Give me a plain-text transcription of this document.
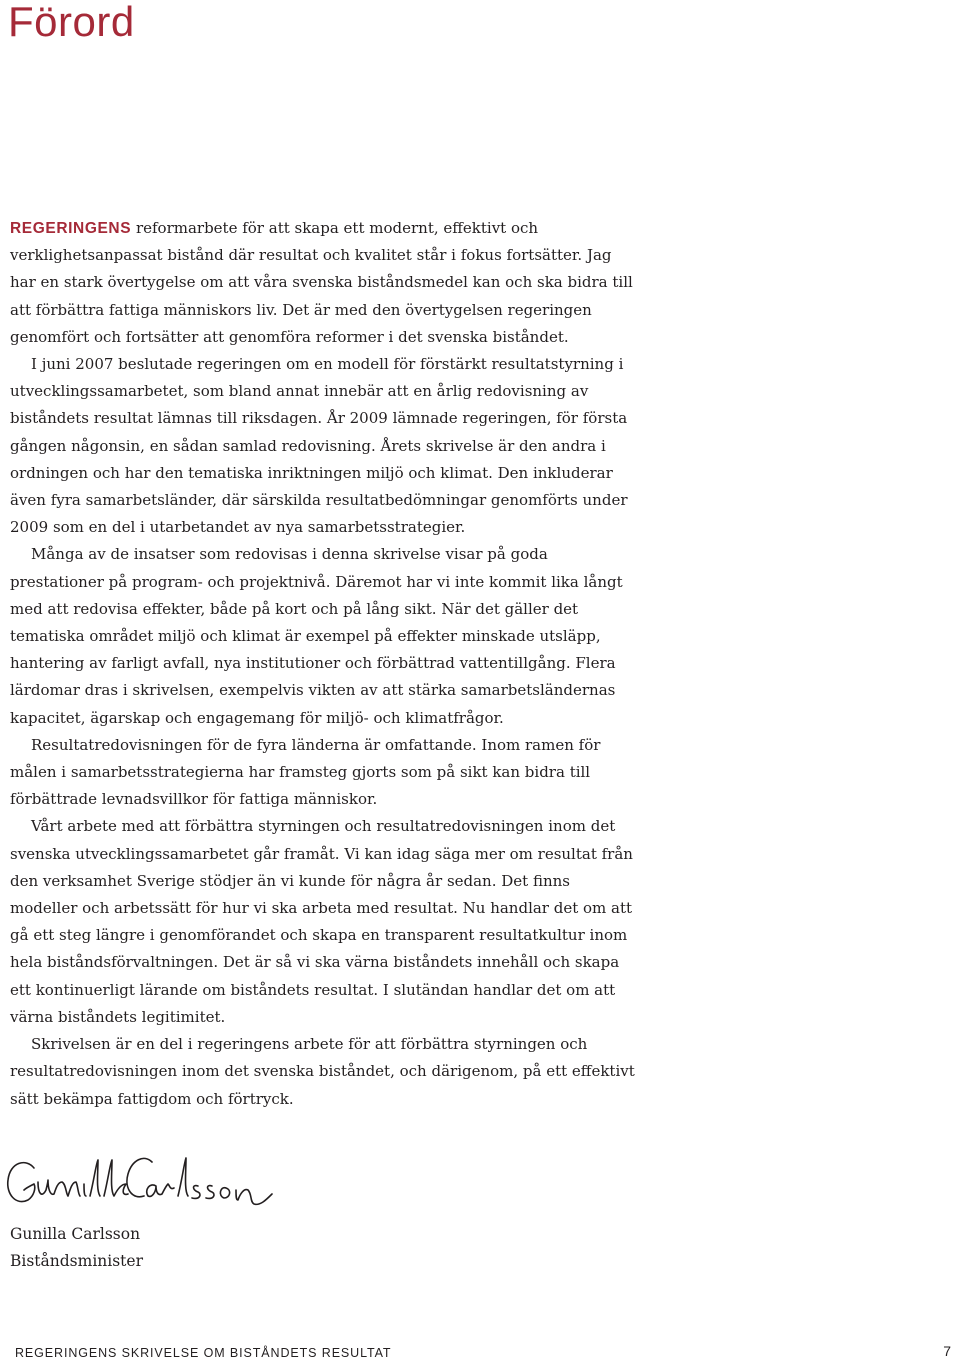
Förord

REGERINGENS reformarbete för att skapa ett modernt, effektivt och verklighetsanpassat bistånd där resultat och kvalitet står i fokus fortsätter. Jag har en stark övertygelse om att våra svenska biståndsmedel kan och ska bidra till att förbättra fattiga människors liv. Det är med den övertygelsen regeringen genomfört och fortsätter att genomföra reformer i det svenska biståndet.

I juni 2007 beslutade regeringen om en modell för förstärkt resultatstyrning i utvecklingssamarbetet, som bland annat innebär att en årlig redovisning av biståndets resultat lämnas till riksdagen. År 2009 lämnade regeringen, för första gången någonsin, en sådan samlad redovisning. Årets skrivelse är den andra i ordningen och har den tematiska inriktningen miljö och klimat. Den inkluderar även fyra samarbetsländer, där särskilda resultatbedömningar genomförts under 2009 som en del i utarbetandet av nya samarbetsstrategier.

Många av de insatser som redovisas i denna skrivelse visar på goda prestationer på program- och projektnivå. Däremot har vi inte kommit lika långt med att redovisa effekter, både på kort och på lång sikt. När det gäller det tematiska området miljö och klimat är exempel på effekter minskade utsläpp, hantering av farligt avfall, nya institutioner och förbättrad vattentillgång. Flera lärdomar dras i skrivelsen, exempelvis vikten av att stärka samarbetsländernas kapacitet, ägarskap och engagemang för miljö- och klimatfrågor.

Resultatredovisningen för de fyra länderna är omfattande. Inom ramen för målen i samarbetsstrategierna har framsteg gjorts som på sikt kan bidra till förbättrade levnadsvillkor för fattiga människor.

Vårt arbete med att förbättra styrningen och resultatredovisningen inom det svenska utvecklingssamarbetet går framåt. Vi kan idag säga mer om resultat från den verksamhet Sverige stödjer än vi kunde för några år sedan. Det finns modeller och arbetssätt för hur vi ska arbeta med resultat. Nu handlar det om att gå ett steg längre i genomförandet och skapa en transparent resultatkultur inom hela biståndsförvaltningen. Det är så vi ska värna biståndets innehåll och skapa ett kontinuerligt lärande om biståndets resultat. I slutändan handlar det om att värna biståndets legitimitet.

Skrivelsen är en del i regeringens arbete för att förbättra styrningen och resultatredovisningen inom det svenska biståndet, och därigenom, på ett effektivt sätt bekämpa fattigdom och förtryck.

Gunilla Carlsson
Biståndsminister
REGERINGENS SKRIVELSE OM BISTÅNDETS RESULTAT	7
